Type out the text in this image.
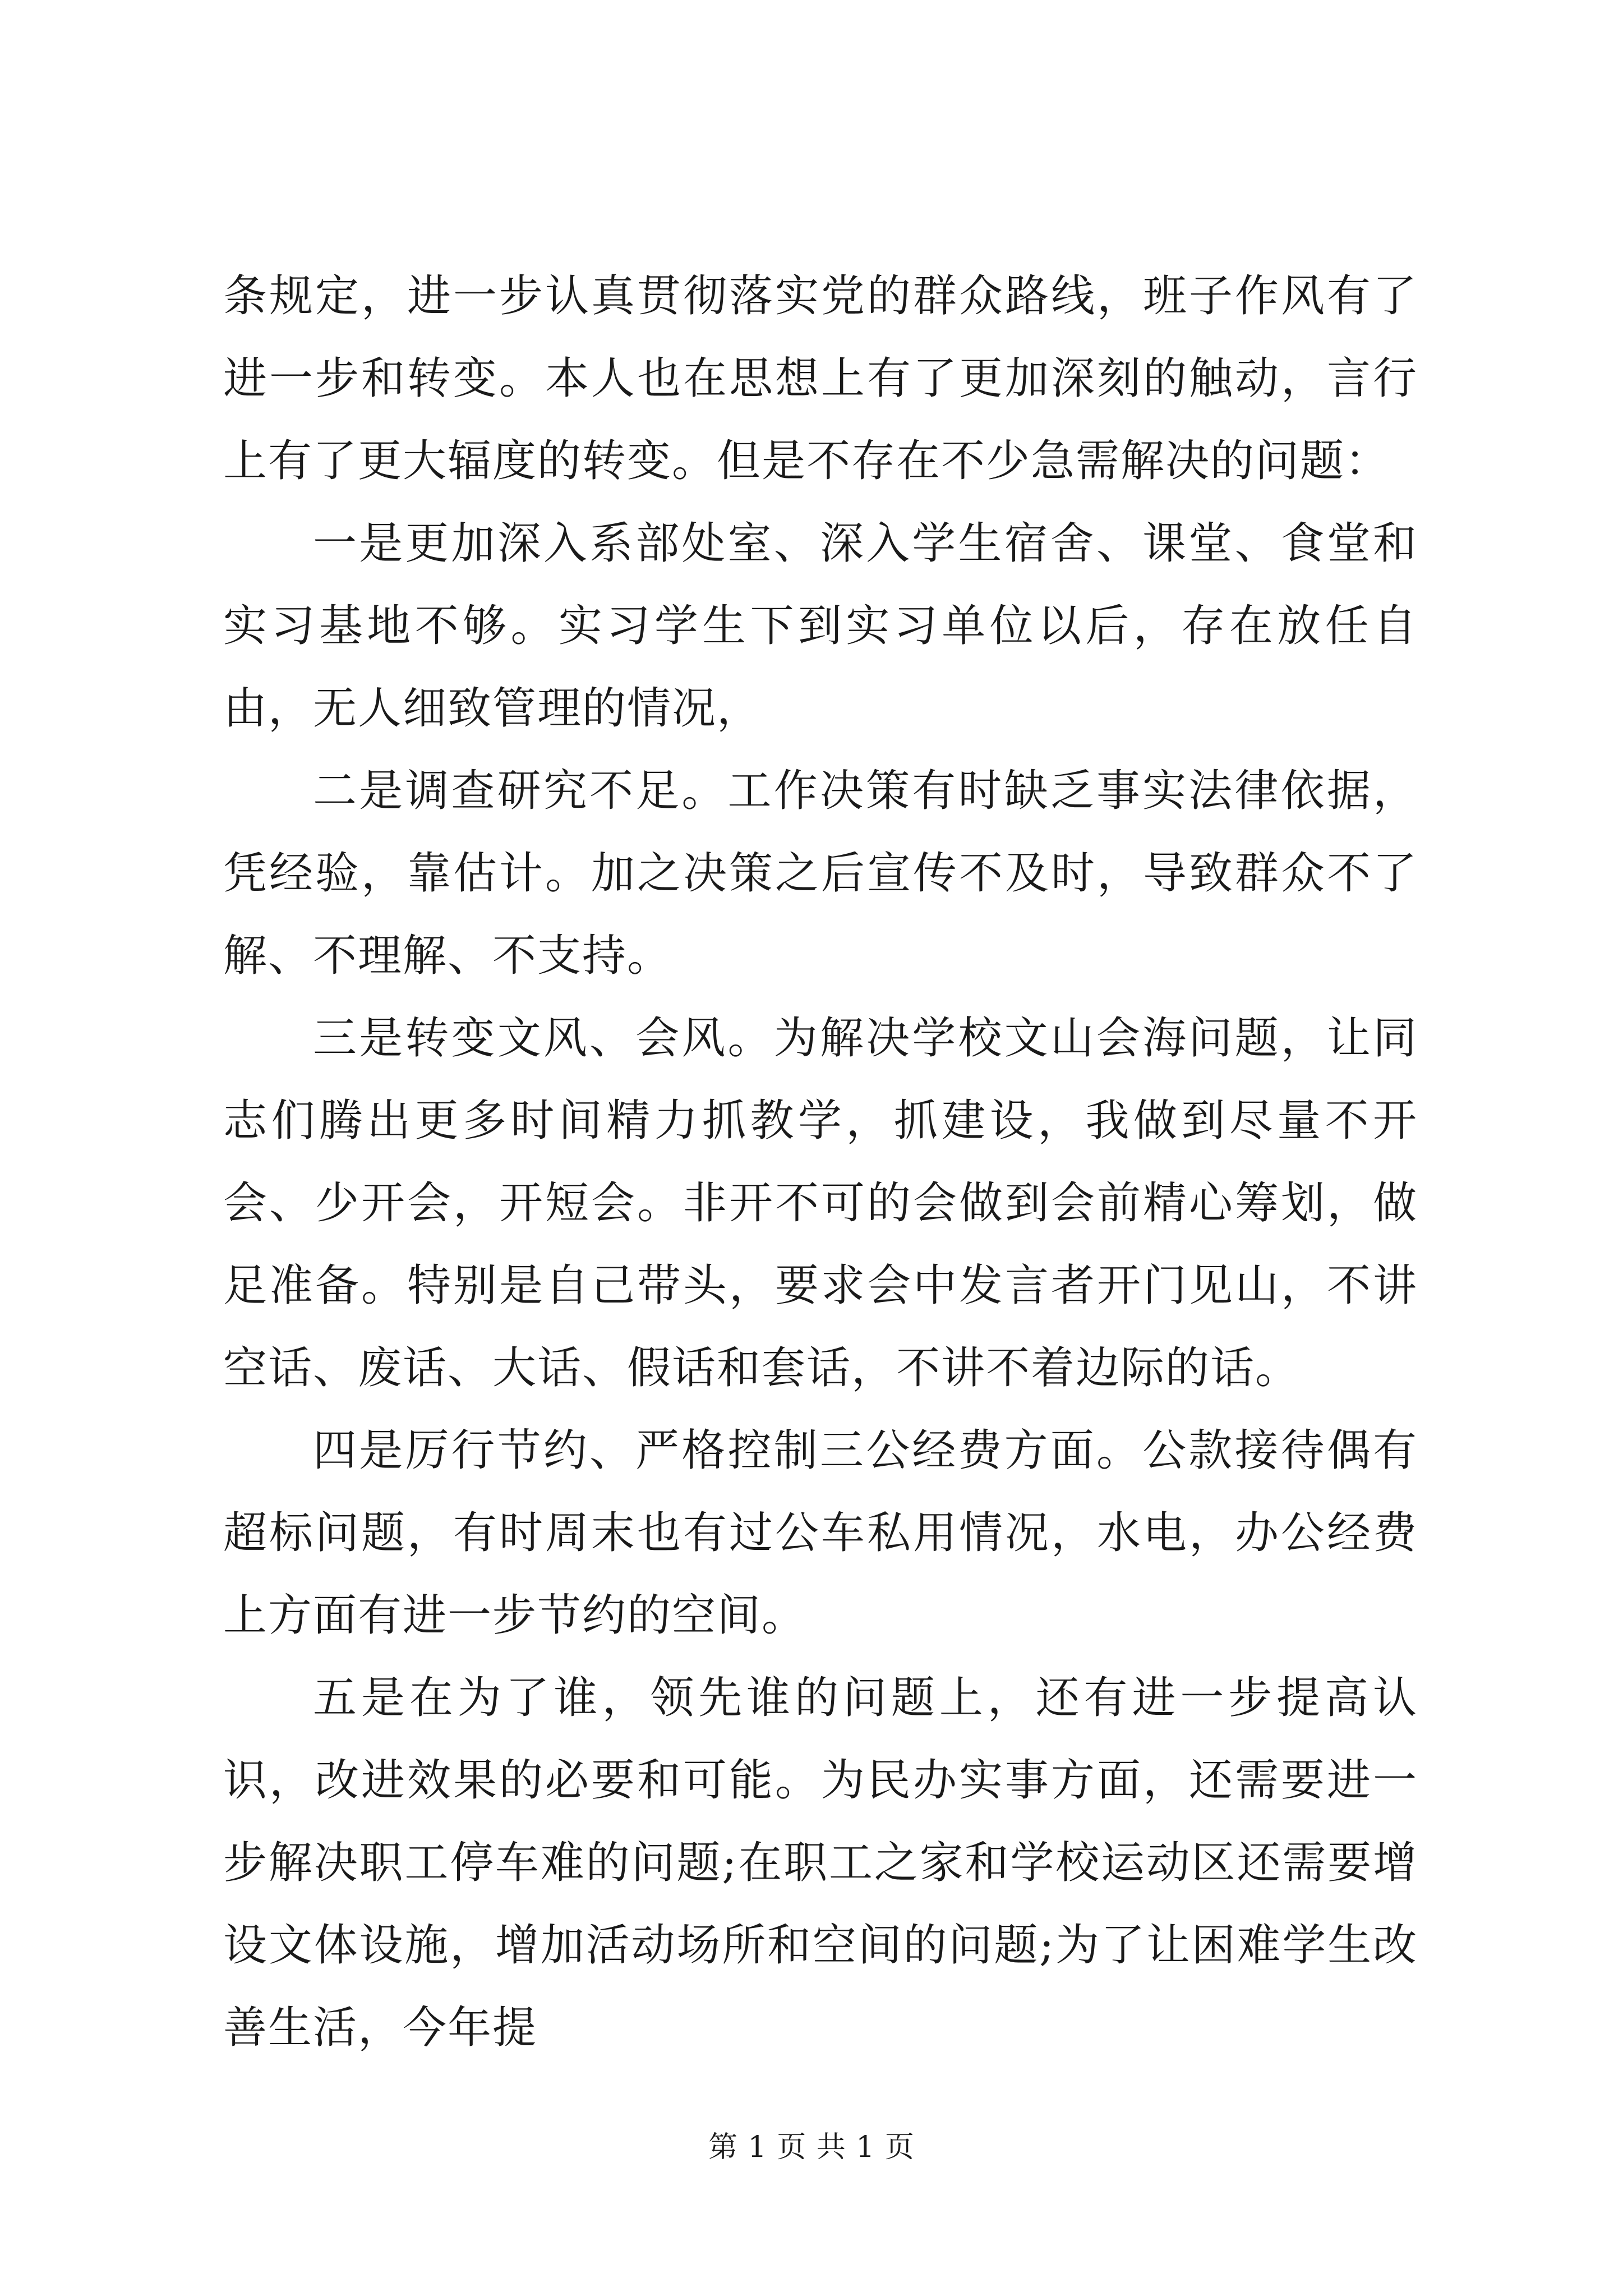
条规定，进一步认真贯彻落实党的群众路线，班子作风有了进一步和转变。本人也在思想上有了更加深刻的触动，言行上有了更大辐度的转变。但是不存在不少急需解决的问题：

一是更加深入系部处室、深入学生宿舍、课堂、食堂和实习基地不够。实习学生下到实习单位以后，存在放任自由，无人细致管理的情况，

二是调查研究不足。工作决策有时缺乏事实法律依据，凭经验，靠估计。加之决策之后宣传不及时，导致群众不了解、不理解、不支持。

三是转变文风、会风。为解决学校文山会海问题，让同志们腾出更多时间精力抓教学，抓建设，我做到尽量不开会、少开会，开短会。非开不可的会做到会前精心筹划，做足准备。特别是自己带头，要求会中发言者开门见山，不讲空话、废话、大话、假话和套话，不讲不着边际的话。

四是厉行节约、严格控制三公经费方面。公款接待偶有超标问题，有时周末也有过公车私用情况，水电，办公经费上方面有进一步节约的空间。

五是在为了谁，领先谁的问题上，还有进一步提高认识，改进效果的必要和可能。为民办实事方面，还需要进一步解决职工停车难的问题;在职工之家和学校运动区还需要增设文体设施，增加活动场所和空间的问题;为了让困难学生改善生活，今年提

第 1 页 共 1 页
